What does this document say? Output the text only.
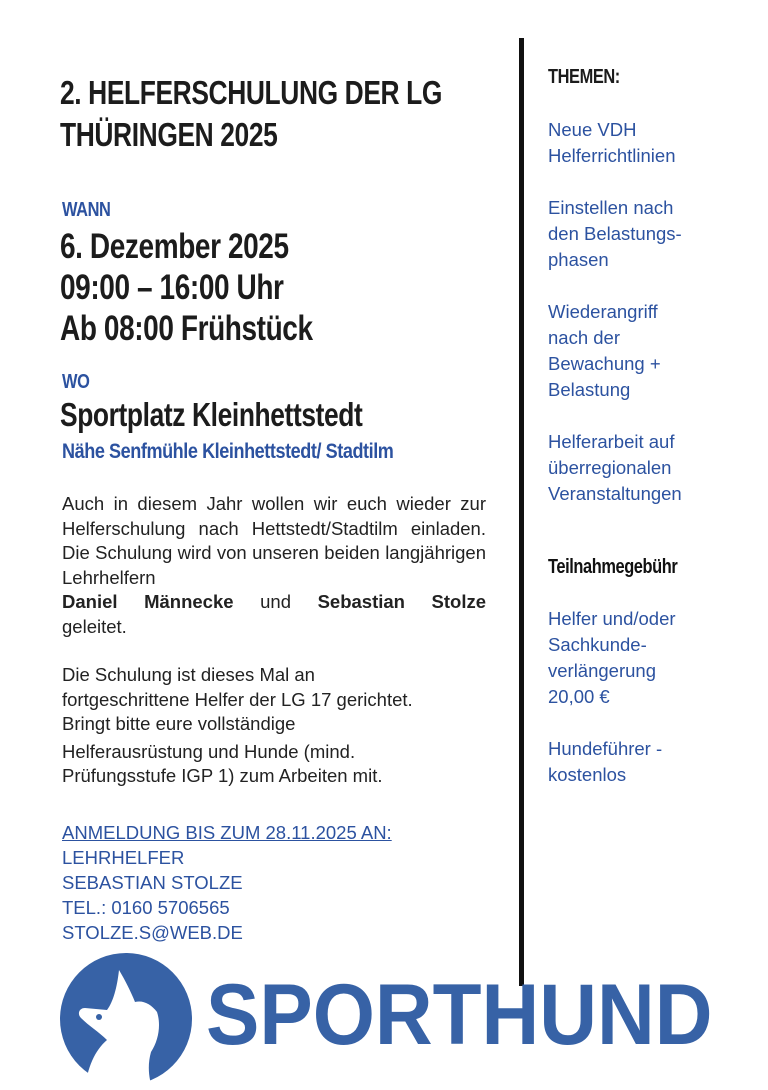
2. HELFERSCHULUNG DER LG
THÜRINGEN 2025
WANN
6. Dezember 2025
09:00 – 16:00 Uhr
Ab 08:00 Frühstück
WO
Sportplatz Kleinhettstedt
Nähe Senfmühle Kleinhettstedt/ Stadtilm

Auch in diesem Jahr wollen wir euch wieder zur Helferschulung nach Hettstedt/Stadtilm einladen. Die Schulung wird von unseren beiden langjährigen Lehrhelfern

Daniel Männecke und Sebastian Stolze

geleitet.

Die Schulung ist dieses Mal an

fortgeschrittene Helfer der LG 17 gerichtet.

Bringt bitte eure vollständige

Helferausrüstung und Hunde (mind.

Prüfungsstufe IGP 1) zum Arbeiten mit.

ANMELDUNG BIS ZUM 28.11.2025 AN:
LEHRHELFER
SEBASTIAN STOLZE
TEL.: 0160 5706565
STOLZE.S@WEB.DE
THEMEN:
Neue VDH
Helferrichtlinien
Einstellen nach
den Belastungs-
phasen
Wiederangriff
nach der
Bewachung +
Belastung
Helferarbeit auf
überregionalen
Veranstaltungen
Teilnahmegebühr
Helfer und/oder
Sachkunde-
verlängerung
20,00 €
Hundeführer -
kostenlos
SPORTHUND
